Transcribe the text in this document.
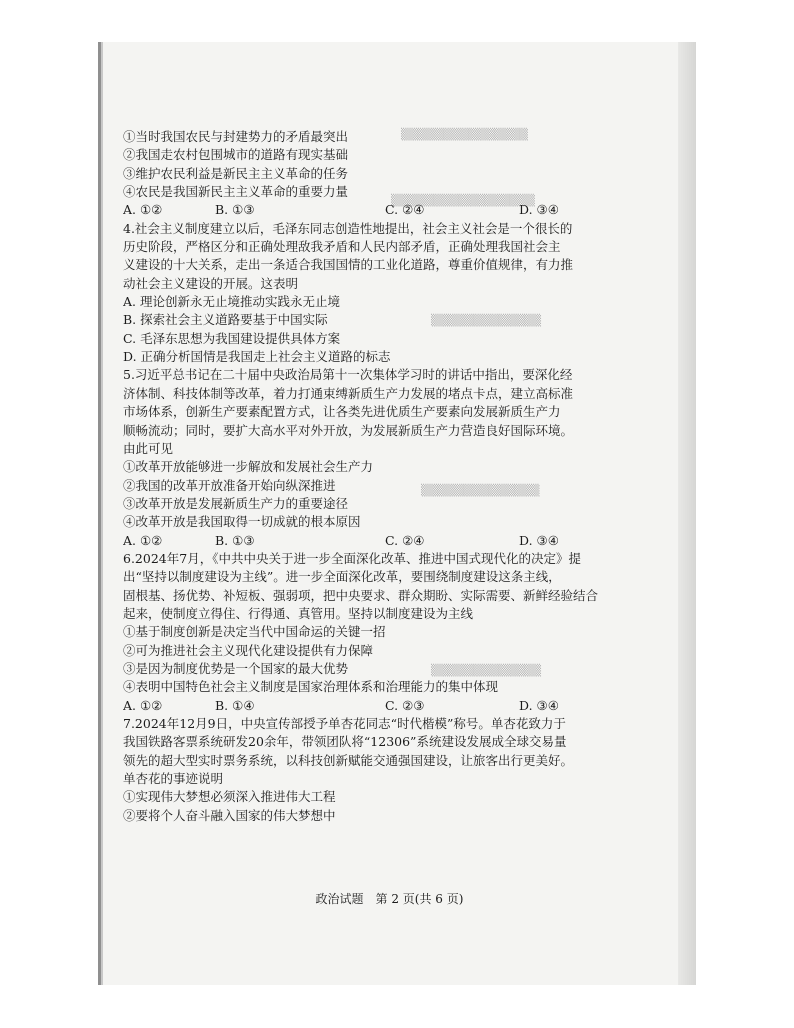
▒▒▒▒▒▒▒▒▒▒▒▒▒▒▒
▒▒▒▒▒▒▒▒▒▒▒▒▒▒▒▒▒
▒▒▒▒▒▒▒▒▒▒▒▒▒
▒▒▒▒▒▒▒▒▒▒▒▒▒▒
▒▒▒▒▒▒▒▒▒▒▒▒▒
①当时我国农民与封建势力的矛盾最突出
②我国走农村包围城市的道路有现实基础
③维护农民利益是新民主主义革命的任务
④农民是我国新民主主义革命的重要力量
A. ①②	B. ①③	C. ②④	D. ③④
4.社会主义制度建立以后，毛泽东同志创造性地提出，社会主义社会是一个很长的
历史阶段，严格区分和正确处理敌我矛盾和人民内部矛盾，正确处理我国社会主
义建设的十大关系，走出一条适合我国国情的工业化道路，尊重价值规律，有力推
动社会主义建设的开展。这表明
A. 理论创新永无止境推动实践永无止境
B. 探索社会主义道路要基于中国实际
C. 毛泽东思想为我国建设提供具体方案
D. 正确分析国情是我国走上社会主义道路的标志
5.习近平总书记在二十届中央政治局第十一次集体学习时的讲话中指出，要深化经
济体制、科技体制等改革，着力打通束缚新质生产力发展的堵点卡点，建立高标准
市场体系，创新生产要素配置方式，让各类先进优质生产要素向发展新质生产力
顺畅流动；同时，要扩大高水平对外开放，为发展新质生产力营造良好国际环境。
由此可见
①改革开放能够进一步解放和发展社会生产力
②我国的改革开放准备开始向纵深推进
③改革开放是发展新质生产力的重要途径
④改革开放是我国取得一切成就的根本原因
A. ①②	B. ①③	C. ②④	D. ③④
6.2024年7月，《中共中央关于进一步全面深化改革、推进中国式现代化的决定》提
出“坚持以制度建设为主线”。进一步全面深化改革，要围绕制度建设这条主线，
固根基、扬优势、补短板、强弱项，把中央要求、群众期盼、实际需要、新鲜经验结合
起来，使制度立得住、行得通、真管用。坚持以制度建设为主线
①基于制度创新是决定当代中国命运的关键一招
②可为推进社会主义现代化建设提供有力保障
③是因为制度优势是一个国家的最大优势
④表明中国特色社会主义制度是国家治理体系和治理能力的集中体现
A. ①②	B. ①④	C. ②③	D. ③④
7.2024年12月9日，中央宣传部授予单杏花同志“时代楷模”称号。单杏花致力于
我国铁路客票系统研发20余年，带领团队将“12306”系统建设发展成全球交易量
领先的超大型实时票务系统，以科技创新赋能交通强国建设，让旅客出行更美好。
单杏花的事迹说明
①实现伟大梦想必须深入推进伟大工程
②要将个人奋斗融入国家的伟大梦想中
政治试题　第 2 页(共 6 页)
